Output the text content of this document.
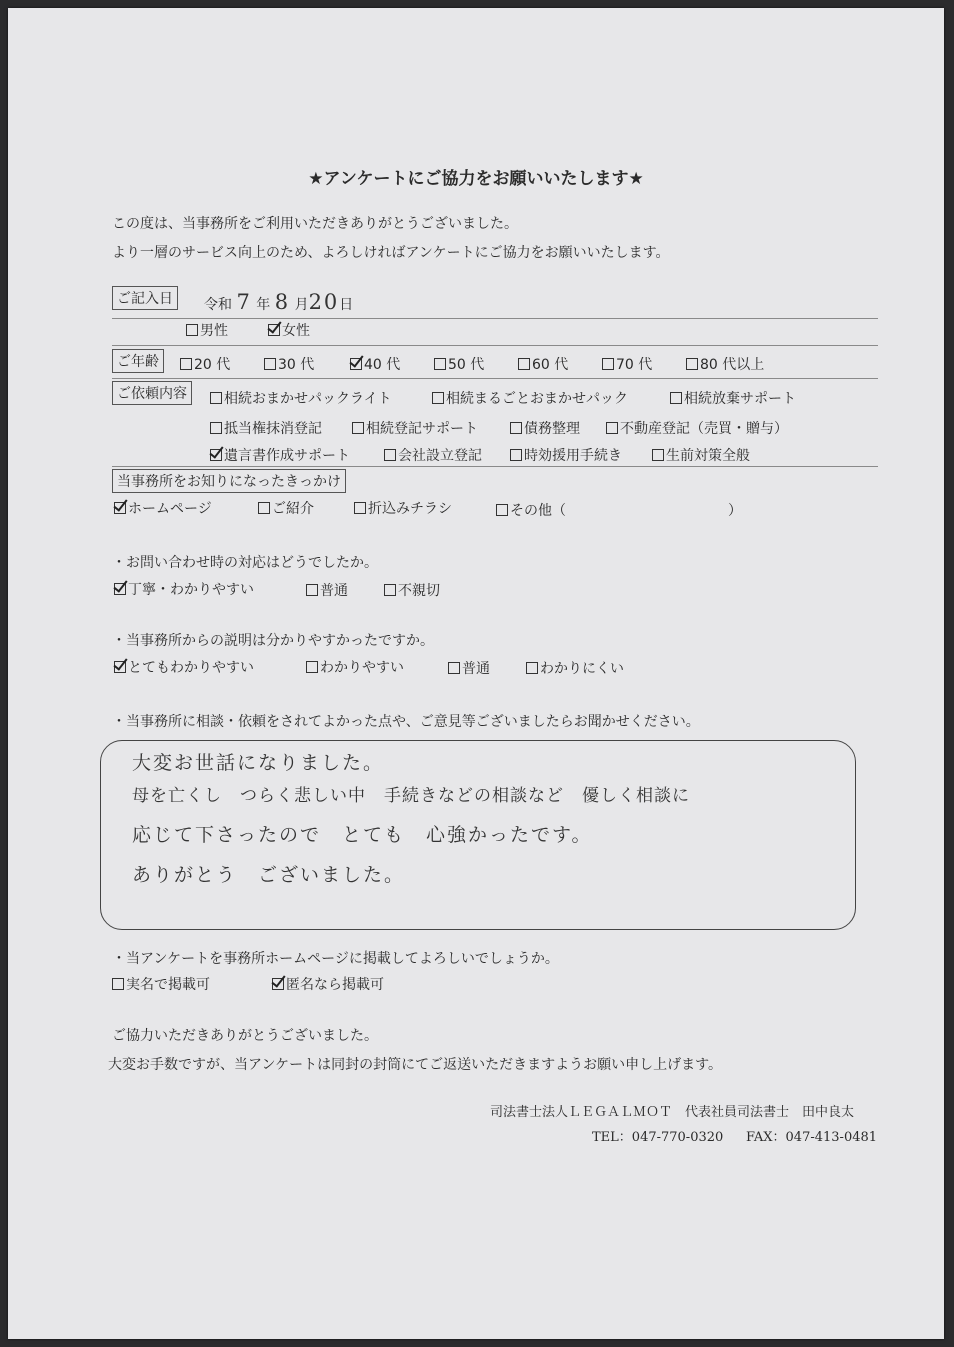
★アンケートにご協力をお願いいたします★
この度は、当事務所をご利用いただきありがとうございました。
より一層のサービス向上のため、よろしければアンケートにご協力をお願いいたします。
ご記入日	令和 7 年 8 月20日
男性	女性
ご年齢	20 代	30 代	40 代	50 代	60 代	70 代	80 代以上
ご依頼内容	相続おまかせパックライト	相続まるごとおまかせパック	相続放棄サポート
抵当権抹消登記	相続登記サポート	債務整理	不動産登記（売買・贈与）
遺言書作成サポート	会社設立登記	時効援用手続き	生前対策全般
当事務所をお知りになったきっかけ
ホームページ	ご紹介	折込みチラシ	その他（	）
・お問い合わせ時の対応はどうでしたか。
丁寧・わかりやすい	普通	不親切
・当事務所からの説明は分かりやすかったですか。
とてもわかりやすい	わかりやすい	普通	わかりにくい
・当事務所に相談・依頼をされてよかった点や、ご意見等ございましたらお聞かせください。
大変お世話になりました。
母を亡くし　つらく悲しい中　手続きなどの相談など　優しく相談に
応じて下さったので　とても　心強かったです。
ありがとう　ございました。
・当アンケートを事務所ホームページに掲載してよろしいでしょうか。
実名で掲載可	匿名なら掲載可
ご協力いただきありがとうございました。
大変お手数ですが、当アンケートは同封の封筒にてご返送いただきますようお願い申し上げます。
司法書士法人ＬＥＧＡＬＭＯＴ　代表社員司法書士　田中良太
TEL：047-770-0320 FAX：047-413-0481
